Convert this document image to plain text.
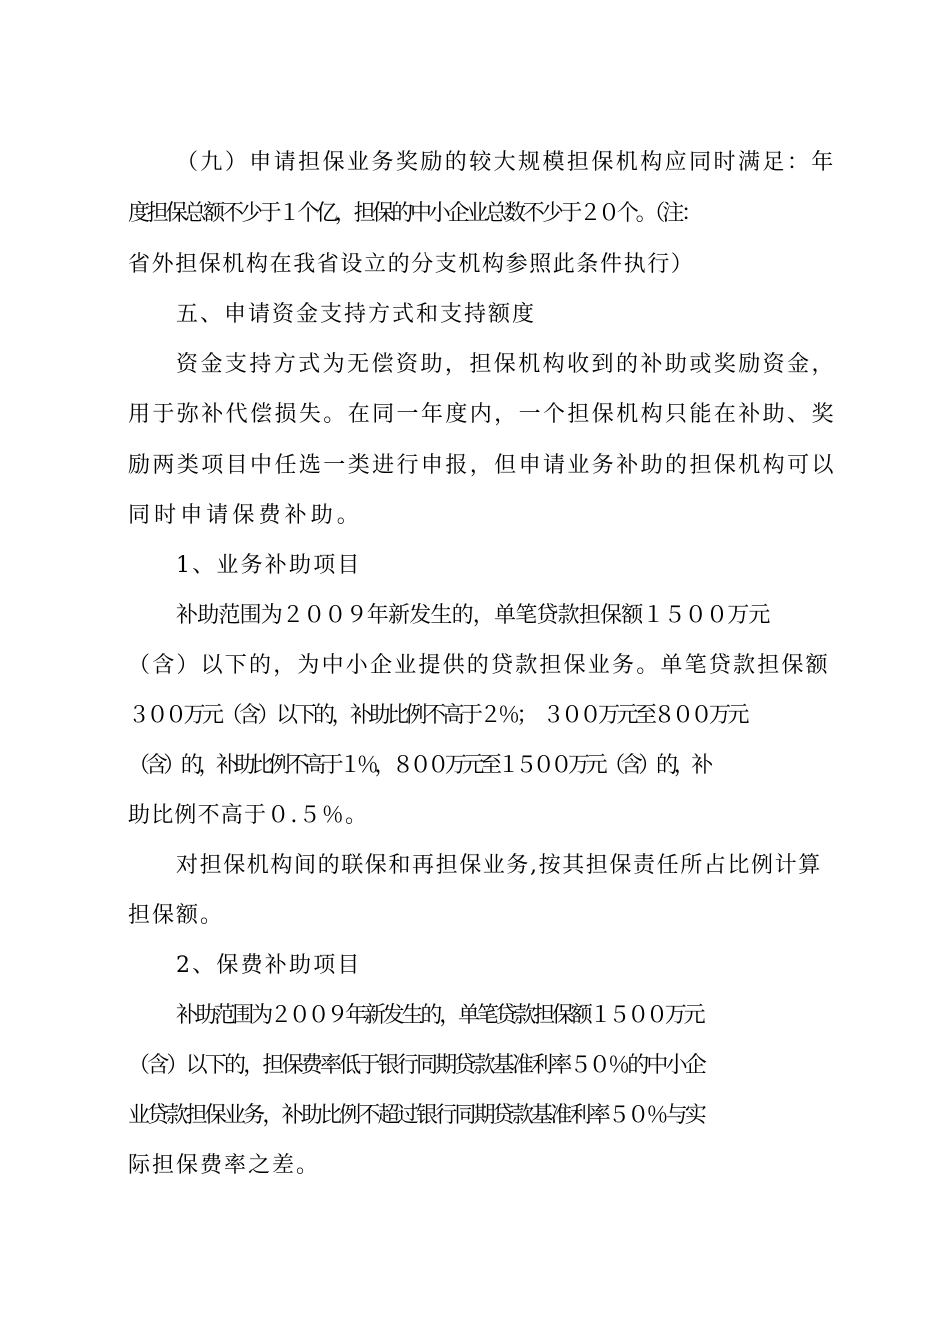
（九）申请担保业务奖励的较大规模担保机构应同时满足：年
度担保总额不少于１个亿，担保的中小企业总数不少于２０个。（注：
省外担保机构在我省设立的分支机构参照此条件执行）
五、申请资金支持方式和支持额度
资金支持方式为无偿资助，担保机构收到的补助或奖励资金，
用于弥补代偿损失。在同一年度内，一个担保机构只能在补助、奖
励两类项目中任选一类进行申报，但申请业务补助的担保机构可以
同时申请保费补助。
1、业务补助项目
补助范围为２００９年新发生的，单笔贷款担保额１５００万元
（含）以下的，为中小企业提供的贷款担保业务。单笔贷款担保额
３００万元（含）以下的，补助比例不高于２％；　３００万元至８００万元
（含）的，补助比例不高于１％，８００万元至１５００万元（含）的，补
助比例不高于０.５％。
对担保机构间的联保和再担保业务,按其担保责任所占比例计算
担保额。
2、保费补助项目
补助范围为２００９年新发生的，单笔贷款担保额１５００万元
（含）以下的，担保费率低于银行同期贷款基准利率５０％的中小企
业贷款担保业务，补助比例不超过银行同期贷款基准利率５０％与实
际担保费率之差。
